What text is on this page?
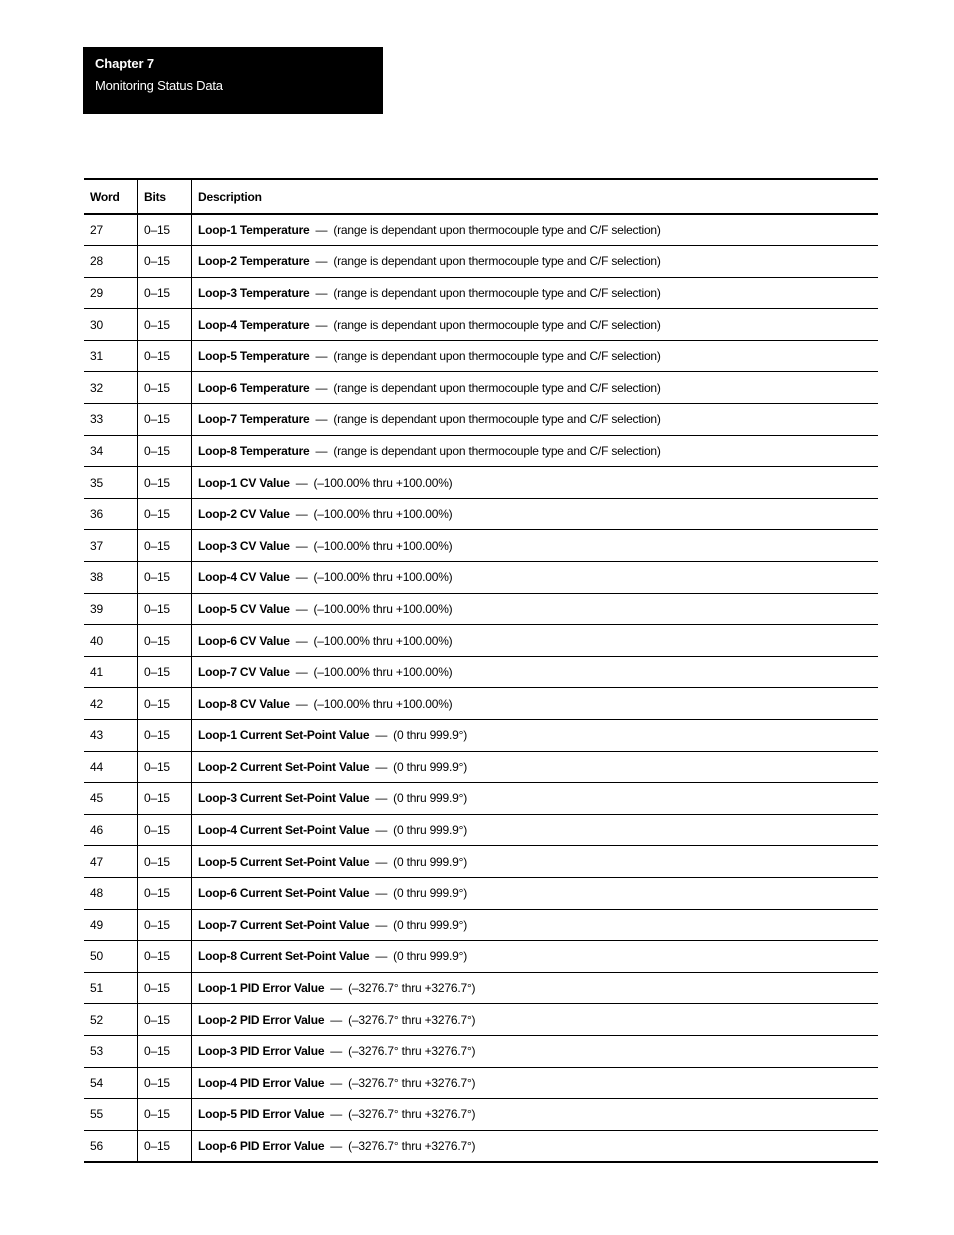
Chapter 7
Monitoring Status Data
Word	Bits	Description
27	0–15	Loop-1 Temperature — (range is dependant upon thermocouple type and C/F selection)
28	0–15	Loop-2 Temperature — (range is dependant upon thermocouple type and C/F selection)
29	0–15	Loop-3 Temperature — (range is dependant upon thermocouple type and C/F selection)
30	0–15	Loop-4 Temperature — (range is dependant upon thermocouple type and C/F selection)
31	0–15	Loop-5 Temperature — (range is dependant upon thermocouple type and C/F selection)
32	0–15	Loop-6 Temperature — (range is dependant upon thermocouple type and C/F selection)
33	0–15	Loop-7 Temperature — (range is dependant upon thermocouple type and C/F selection)
34	0–15	Loop-8 Temperature — (range is dependant upon thermocouple type and C/F selection)
35	0–15	Loop-1 CV Value — (–100.00% thru +100.00%)
36	0–15	Loop-2 CV Value — (–100.00% thru +100.00%)
37	0–15	Loop-3 CV Value — (–100.00% thru +100.00%)
38	0–15	Loop-4 CV Value — (–100.00% thru +100.00%)
39	0–15	Loop-5 CV Value — (–100.00% thru +100.00%)
40	0–15	Loop-6 CV Value — (–100.00% thru +100.00%)
41	0–15	Loop-7 CV Value — (–100.00% thru +100.00%)
42	0–15	Loop-8 CV Value — (–100.00% thru +100.00%)
43	0–15	Loop-1 Current Set-Point Value — (0 thru 999.9°)
44	0–15	Loop-2 Current Set-Point Value — (0 thru 999.9°)
45	0–15	Loop-3 Current Set-Point Value — (0 thru 999.9°)
46	0–15	Loop-4 Current Set-Point Value — (0 thru 999.9°)
47	0–15	Loop-5 Current Set-Point Value — (0 thru 999.9°)
48	0–15	Loop-6 Current Set-Point Value — (0 thru 999.9°)
49	0–15	Loop-7 Current Set-Point Value — (0 thru 999.9°)
50	0–15	Loop-8 Current Set-Point Value — (0 thru 999.9°)
51	0–15	Loop-1 PID Error Value — (–3276.7° thru +3276.7°)
52	0–15	Loop-2 PID Error Value — (–3276.7° thru +3276.7°)
53	0–15	Loop-3 PID Error Value — (–3276.7° thru +3276.7°)
54	0–15	Loop-4 PID Error Value — (–3276.7° thru +3276.7°)
55	0–15	Loop-5 PID Error Value — (–3276.7° thru +3276.7°)
56	0–15	Loop-6 PID Error Value — (–3276.7° thru +3276.7°)
